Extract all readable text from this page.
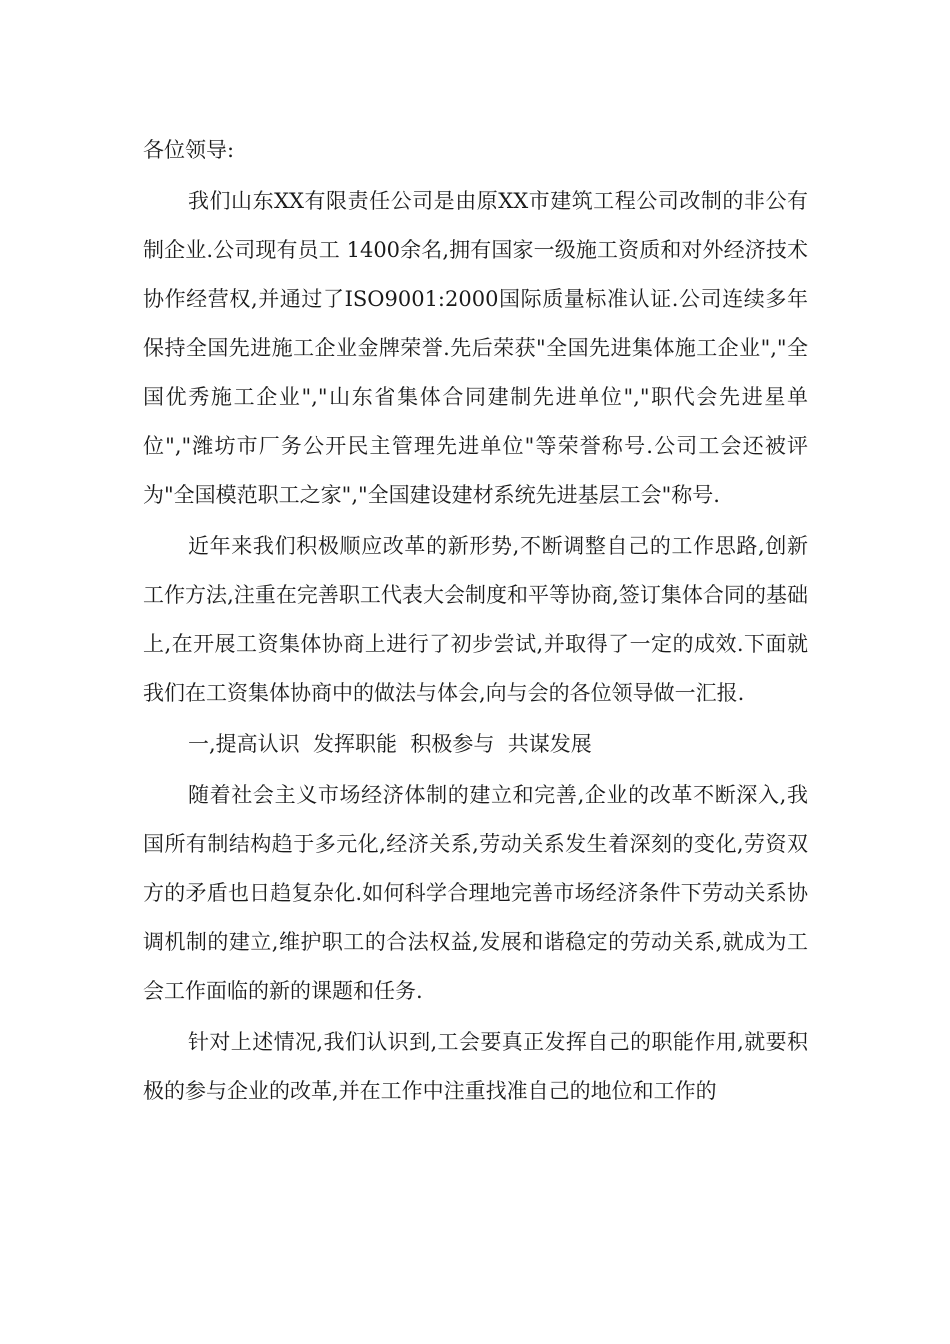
各位领导:

我们山东XX有限责任公司是由原XX市建筑工程公司改制的非公有制企业.公司现有员工 1400余名,拥有国家一级施工资质和对外经济技术协作经营权,并通过了ISO9001:2000国际质量标准认证.公司连续多年保持全国先进施工企业金牌荣誉.先后荣获"全国先进集体施工企业","全国优秀施工企业","山东省集体合同建制先进单位","职代会先进星单位","潍坊市厂务公开民主管理先进单位"等荣誉称号.公司工会还被评为"全国模范职工之家","全国建设建材系统先进基层工会"称号.

近年来我们积极顺应改革的新形势,不断调整自己的工作思路,创新工作方法,注重在完善职工代表大会制度和平等协商,签订集体合同的基础上,在开展工资集体协商上进行了初步尝试,并取得了一定的成效.下面就我们在工资集体协商中的做法与体会,向与会的各位领导做一汇报.

一,提高认识  发挥职能  积极参与  共谋发展

随着社会主义市场经济体制的建立和完善,企业的改革不断深入,我国所有制结构趋于多元化,经济关系,劳动关系发生着深刻的变化,劳资双方的矛盾也日趋复杂化.如何科学合理地完善市场经济条件下劳动关系协调机制的建立,维护职工的合法权益,发展和谐稳定的劳动关系,就成为工会工作面临的新的课题和任务.

针对上述情况,我们认识到,工会要真正发挥自己的职能作用,就要积极的参与企业的改革,并在工作中注重找准自己的地位和工作的
